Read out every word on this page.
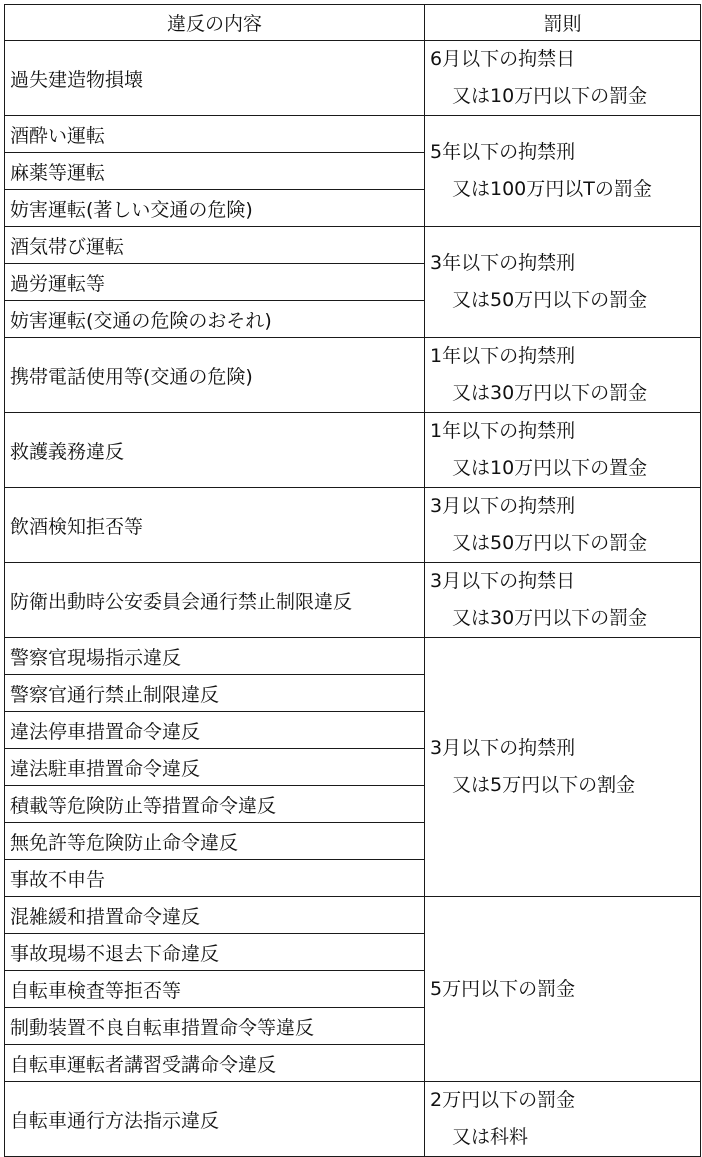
違反の内容	罰則
過失建造物損壊	6月以下の拘禁日
又は10万円以下の罰金

酒酔い運転	5年以下の拘禁刑
又は100万円以Tの罰金

麻薬等運転	
妨害運転(著しい交通の危険)	
酒気帯び運転	3年以下の拘禁刑
又は50万円以下の罰金

過労運転等	
妨害運転(交通の危険のおそれ)	
携帯電話使用等(交通の危険)	1年以下の拘禁刑
又は30万円以下の罰金

救護義務違反	1年以下の拘禁刑
又は10万円以下の置金

飲酒検知拒否等	3月以下の拘禁刑
又は50万円以下の罰金

防衛出動時公安委員会通行禁止制限違反	3月以下の拘禁日
又は30万円以下の罰金

警察官現場指示違反	3月以下の拘禁刑
又は5万円以下の割金

警察官通行禁止制限違反	
違法停車措置命令違反	
違法駐車措置命令違反	
積載等危険防止等措置命令違反	
無免許等危険防止命令違反	
事故不申告	
混雑緩和措置命令違反	5万円以下の罰金

事故現場不退去下命違反	
自転車検査等拒否等	
制動装置不良自転車措置命令等違反	
自転車運転者講習受講命令違反	
自転車通行方法指示違反	2万円以下の罰金
又は科料
